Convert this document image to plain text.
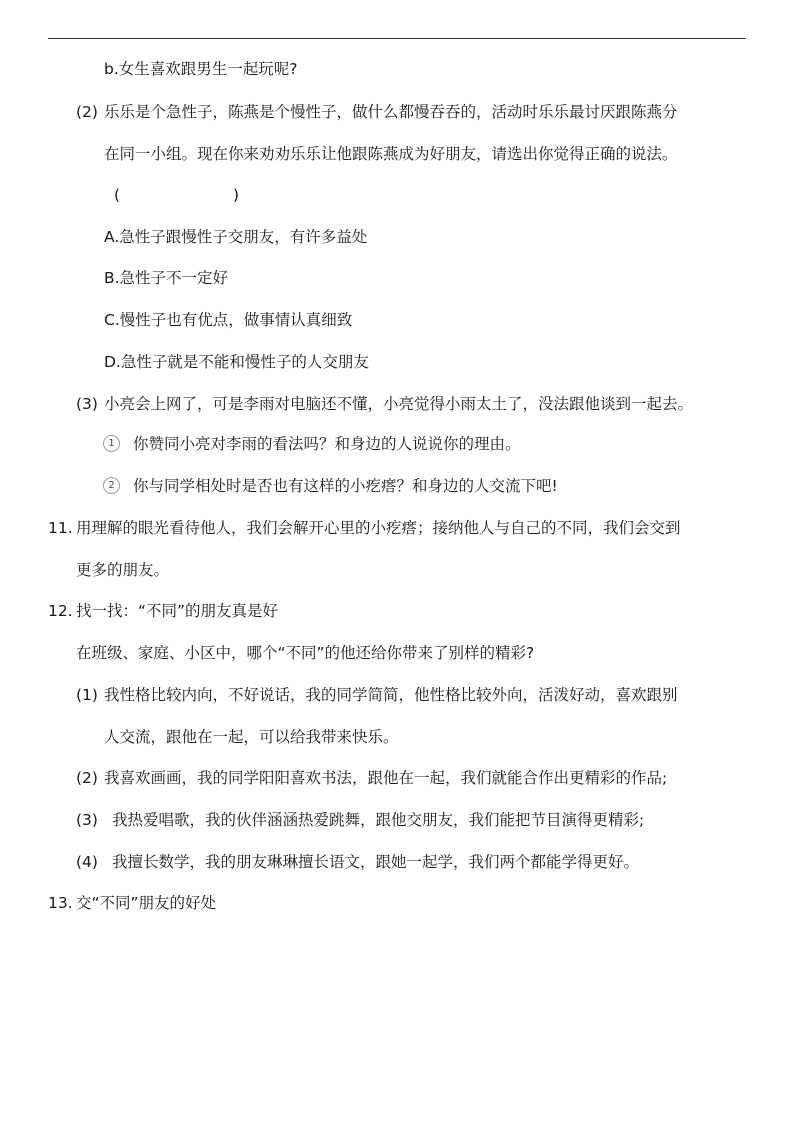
b.女生喜欢跟男生一起玩呢?
(2) 乐乐是个急性子，陈燕是个慢性子，做什么都慢吞吞的，活动时乐乐最讨厌跟陈燕分
在同一小组。现在你来劝劝乐乐让他跟陈燕成为好朋友，请选出你觉得正确的说法。
(	)
A.急性子跟慢性子交朋友，有许多益处
B.急性子不一定好
C.慢性子也有优点，做事情认真细致
D.急性子就是不能和慢性子的人交朋友
(3) 小亮会上网了，可是李雨对电脑还不懂，小亮觉得小雨太土了，没法跟他谈到一起去。
1	你赞同小亮对李雨的看法吗？和身边的人说说你的理由。
2	你与同学相处时是否也有这样的小疙瘩？和身边的人交流下吧!
11. 用理解的眼光看待他人，我们会解开心里的小疙瘩；接纳他人与自己的不同，我们会交到
更多的朋友。
12. 找一找：“不同”的朋友真是好
在班级、家庭、小区中，哪个“不同”的他还给你带来了别样的精彩?
(1) 我性格比较内向，不好说话，我的同学简简，他性格比较外向，活泼好动，喜欢跟别
人交流，跟他在一起，可以给我带来快乐。
(2) 我喜欢画画，我的同学阳阳喜欢书法，跟他在一起，我们就能合作出更精彩的作品;
(3) 我热爱唱歌，我的伙伴涵涵热爱跳舞，跟他交朋友，我们能把节目演得更精彩;
(4) 我擅长数学，我的朋友琳琳擅长语文，跟她一起学，我们两个都能学得更好。
13. 交“不同”朋友的好处
